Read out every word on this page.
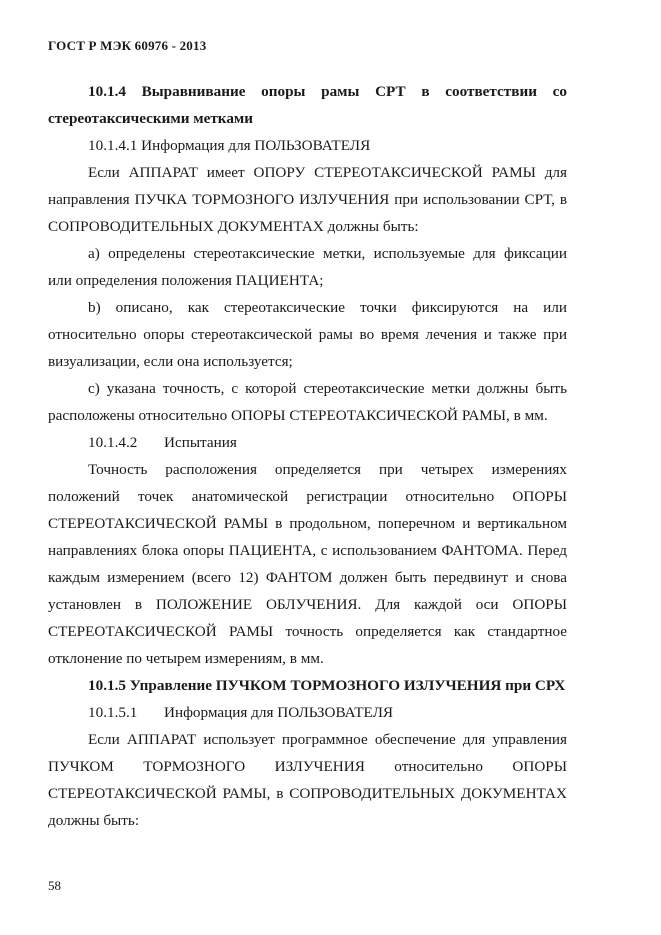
ГОСТ Р МЭК 60976 - 2013

10.1.4 Выравнивание опоры рамы СРТ в соответствии со стереотаксическими метками

10.1.4.1 Информация для ПОЛЬЗОВАТЕЛЯ

Если АППАРАТ имеет ОПОРУ СТЕРЕОТАКСИЧЕСКОЙ РАМЫ для направления ПУЧКА ТОРМОЗНОГО ИЗЛУЧЕНИЯ при использовании СРТ, в СОПРОВОДИТЕЛЬНЫХ ДОКУМЕНТАХ должны быть:

а) определены стереотаксические метки, используемые для фиксации или определения положения ПАЦИЕНТА;

b) описано, как стереотаксические точки фиксируются на или относительно опоры стереотаксической рамы во время лечения и также при визуализации, если она используется;

с) указана точность, с которой стереотаксические метки должны быть расположены относительно ОПОРЫ СТЕРЕОТАКСИЧЕСКОЙ РАМЫ, в мм.

10.1.4.2 Испытания

Точность расположения определяется при четырех измерениях положений точек анатомической регистрации относительно ОПОРЫ СТЕРЕОТАКСИЧЕСКОЙ РАМЫ в продольном, поперечном и вертикальном направлениях блока опоры ПАЦИЕНТА, с использованием ФАНТОМА. Перед каждым измерением (всего 12) ФАНТОМ должен быть передвинут и снова установлен в ПОЛОЖЕНИЕ ОБЛУЧЕНИЯ. Для каждой оси ОПОРЫ СТЕРЕОТАКСИЧЕСКОЙ РАМЫ точность определяется как стандартное отклонение по четырем измерениям, в мм.

10.1.5 Управление ПУЧКОМ ТОРМОЗНОГО ИЗЛУЧЕНИЯ при СРХ

10.1.5.1 Информация для ПОЛЬЗОВАТЕЛЯ

Если АППАРАТ использует программное обеспечение для управления ПУЧКОМ ТОРМОЗНОГО ИЗЛУЧЕНИЯ относительно ОПОРЫ СТЕРЕОТАКСИЧЕСКОЙ РАМЫ, в СОПРОВОДИТЕЛЬНЫХ ДОКУМЕНТАХ должны быть:

58
